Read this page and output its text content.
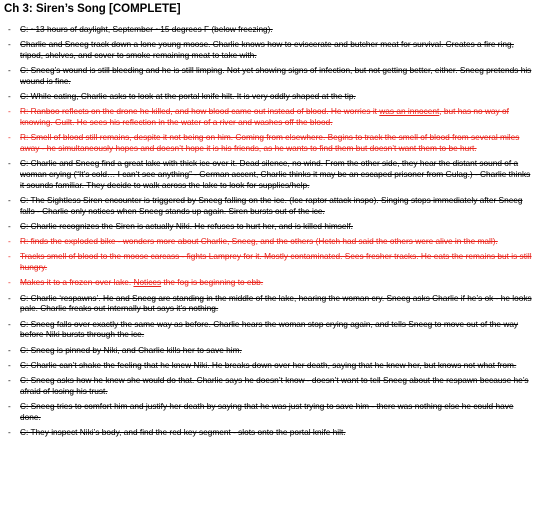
Ch 3: Siren’s Song [COMPLETE]
- C: ~13 hours of daylight, September ~15 degrees F (below freezing).
- Charlie and Sneeg track down a lone young moose. Charlie knows how to eviscerate and butcher meat for survival. Creates a fire ring, tripod, shelves, and cover to smoke remaining meat to take with.
- C: Sneeg’s wound is still bleeding and he is still limping. Not yet showing signs of infection, but not getting better, either. Sneeg pretends his wound is fine.
- C: While eating, Charlie asks to look at the portal knife hilt. It is very oddly shaped at the tip.
- R: Ranboo reflects on the drone he killed, and how blood came out instead of blood. He worries it was an innocent, but has no way of knowing. Guilt. He sees his reflection in the water of a river and washes off the blood.
- R: Smell of blood still remains, despite it not being on him. Coming from elsewhere. Begins to track the smell of blood from several miles away - he simultaneously hopes and doesn’t hope it is his friends, as he wants to find them but doesn’t want them to be hurt.
- C: Charlie and Sneeg find a great lake with thick ice over it. Dead silence, no wind. From the other side, they hear the distant sound of a woman crying (“It’s cold… I can’t see anything” - German accent, Charlie thinks it may be an escaped prisoner from Gulag.) - Charlie thinks it sounds familiar. They decide to walk across the lake to look for supplies/help.
- C: The Sightless Siren encounter is triggered by Sneeg falling on the ice. (Ice raptor attack inspo). Singing stops immediately after Sneeg falls - Charlie only notices when Sneeg stands up again. Siren bursts out of the ice.
- C: Charlie recognizes the Siren is actually Niki. He refuses to hurt her, and is killed himself.
- R: finds the exploded bike - wonders more about Charlie, Sneeg, and the others (Hetch had said the others were alive in the mall).
- Tracks smell of blood to the moose carcass - fights Lamprey for it. Mostly contaminated. Sees fresher tracks. He eats the remains but is still hungry.
- Makes it to a frozen-over lake. Notices the fog is beginning to ebb.
- C: Charlie ‘respawns’. He and Sneeg are standing in the middle of the lake, hearing the woman cry. Sneeg asks Charlie if he’s ok - he looks pale. Charlie freaks out internally but says it’s nothing.
- C: Sneeg falls over exactly the same way as before. Charlie hears the woman stop crying again, and tells Sneeg to move out of the way before Niki bursts through the ice.
- C: Sneeg is pinned by Niki, and Charlie kills her to save him.
- C: Charlie can’t shake the feeling that he knew Niki. He breaks down over her death, saying that he knew her, but knows not what from.
- C: Sneeg asks how he knew she would do that. Charlie says he doesn’t know - doesn’t want to tell Sneeg about the respawn because he’s afraid of losing his trust.
- C: Sneeg tries to comfort him and justify her death by saying that he was just trying to save him - there was nothing else he could have done.
- C: They inspect Niki’s body, and find the red key segment - slots onto the portal knife hilt.
